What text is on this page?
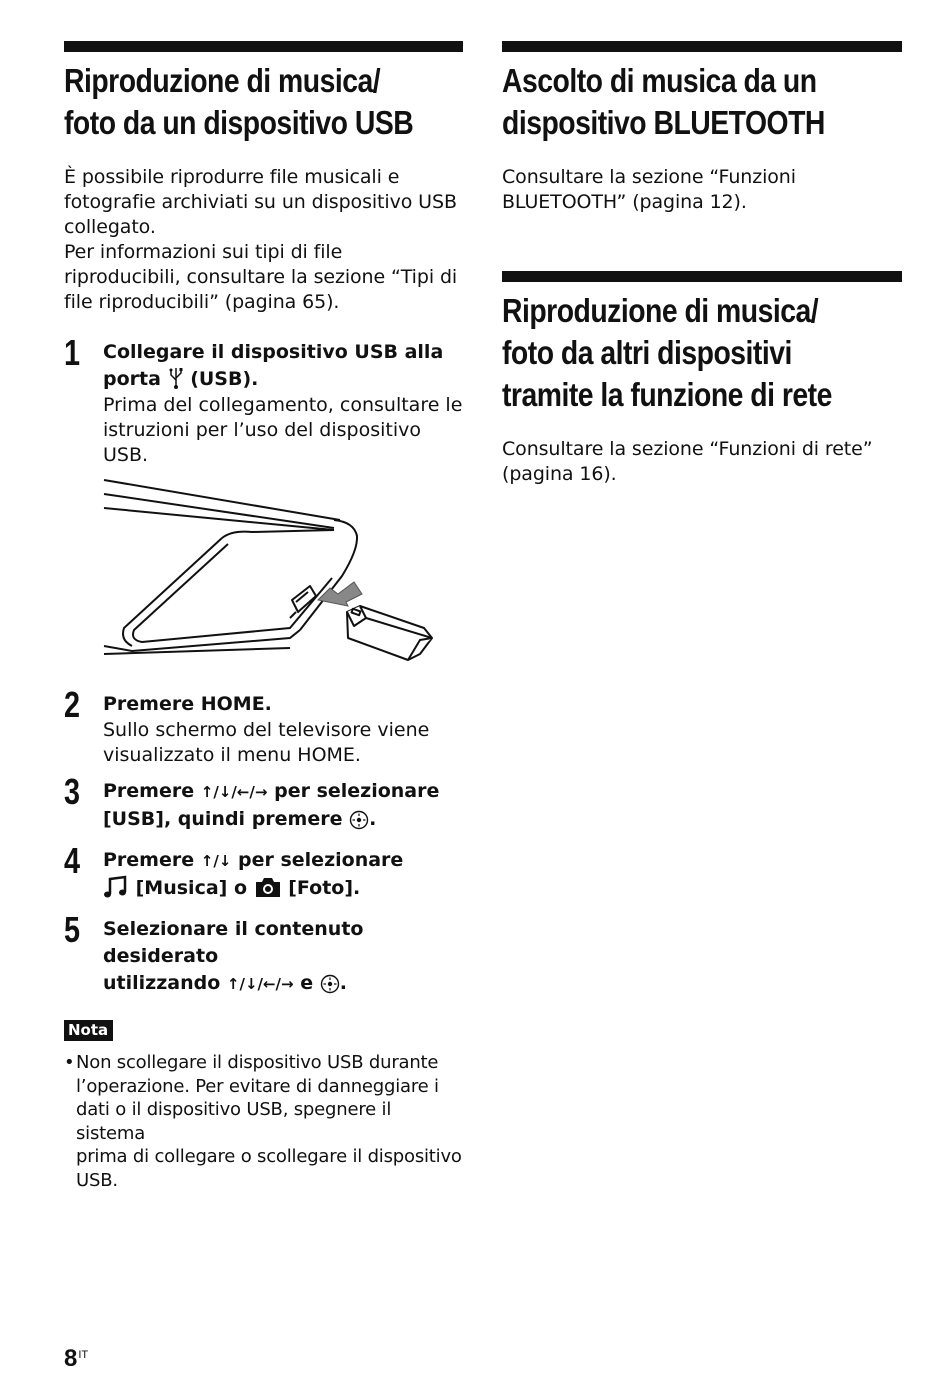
Riproduzione di musica/
foto da un dispositivo USB

È possibile riprodurre file musicali e
fotografie archiviati su un dispositivo USB
collegato.
Per informazioni sui tipi di file
riproducibili, consultare la sezione “Tipi di
file riproducibili” (pagina 65).

1 Collegare il dispositivo USB alla
porta (USB).

Prima del collegamento, consultare le
istruzioni per l’uso del dispositivo
USB.

2 Premere HOME.

Sullo schermo del televisore viene
visualizzato il menu HOME.

3 Premere ↑/↓/←/→ per selezionare
[USB], quindi premere .

4 Premere ↑/↓ per selezionare
[Musica] o [Foto].

5 Selezionare il contenuto desiderato
utilizzando ↑/↓/←/→ e .

Nota
• Non scollegare il dispositivo USB durante
l’operazione. Per evitare di danneggiare i
dati o il dispositivo USB, spegnere il sistema
prima di collegare o scollegare il dispositivo
USB.
Ascolto di musica da un
dispositivo BLUETOOTH

Consultare la sezione “Funzioni
BLUETOOTH” (pagina 12).

Riproduzione di musica/
foto da altri dispositivi
tramite la funzione di rete

Consultare la sezione “Funzioni di rete”
(pagina 16).

$8^{IT}$
